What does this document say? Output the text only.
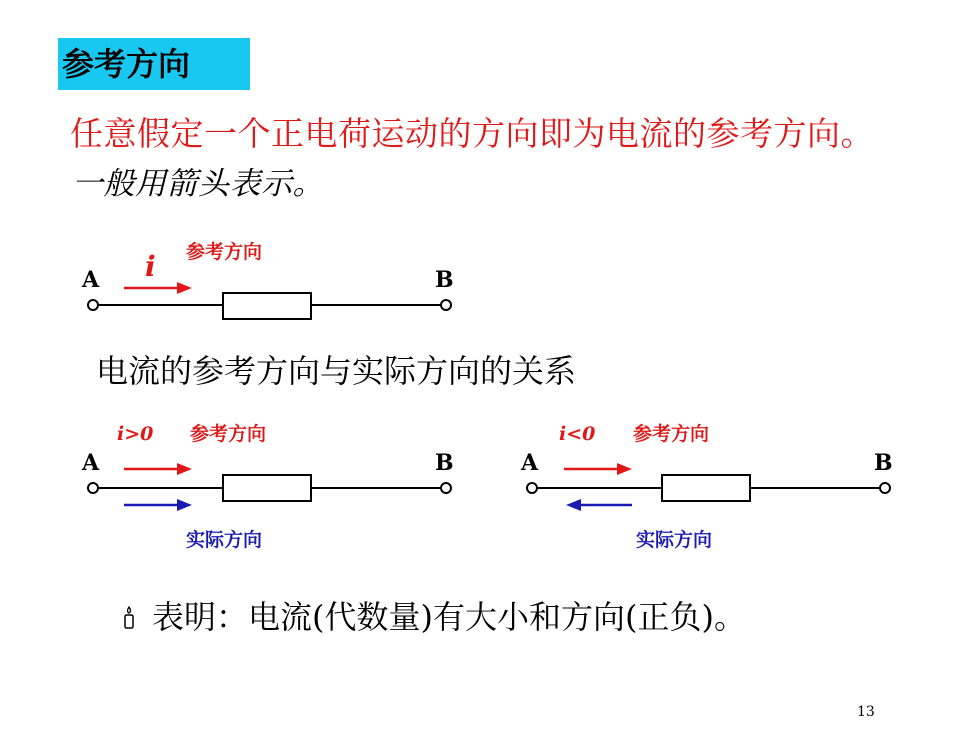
参考方向
任意假定一个正电荷运动的方向即为电流的参考方向。
一般用箭头表示。
A	B
i 参考方向
电流的参考方向与实际方向的关系
i>0 参考方向
A	B
实际方向
i<0 参考方向
A	B
实际方向
表明：电流(代数量)有大小和方向(正负)。
13
